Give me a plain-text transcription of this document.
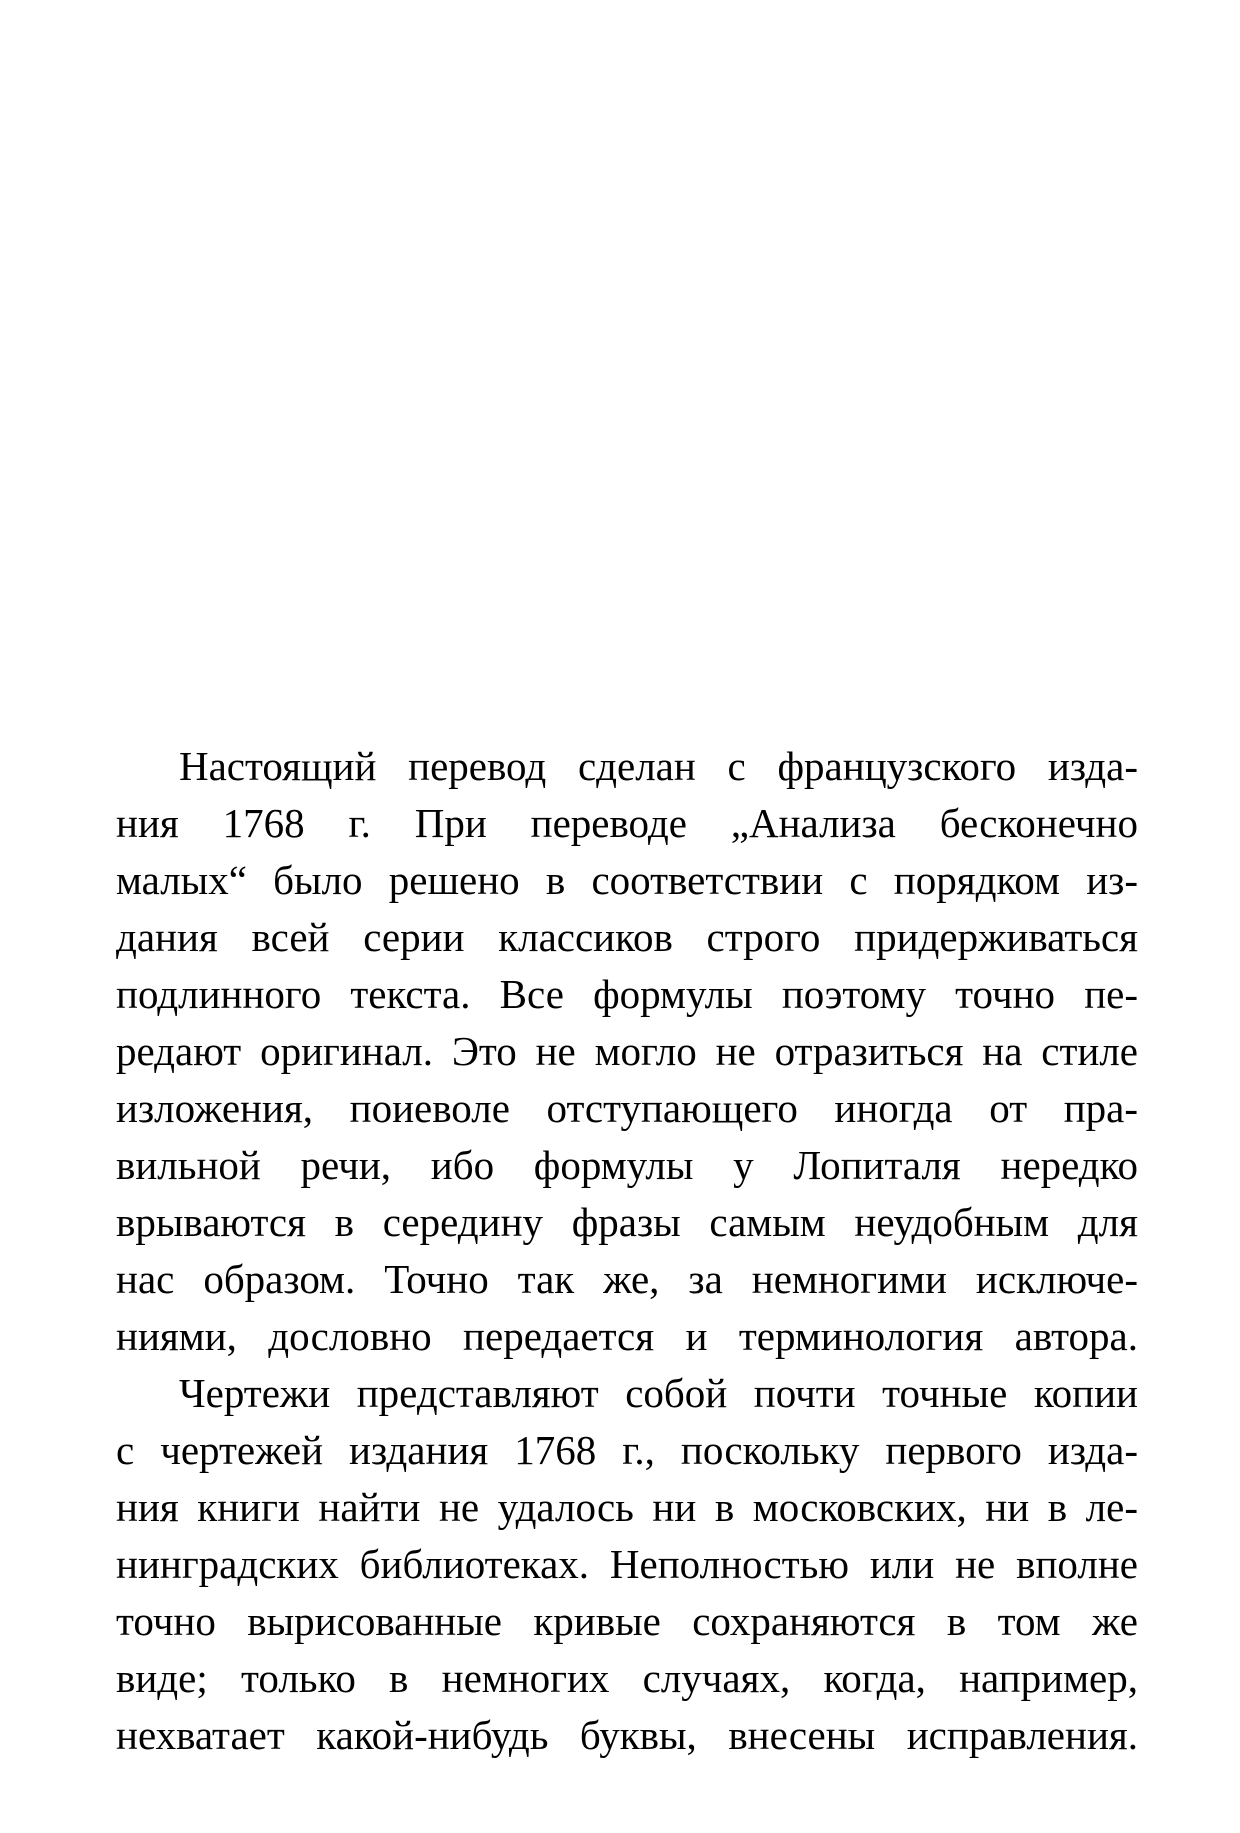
Настоящий перевод сделан с французского изда-
ния 1768 г. При переводе „Анализа бесконечно
малых“ было решено в соответствии с порядком из-
дания всей серии классиков строго придерживаться
подлинного текста. Все формулы поэтому точно пе-
редают оригинал. Это не могло не отразиться на стиле
изложения, поиеволе отступающего иногда от пра-
вильной речи, ибо формулы у Лопиталя нередко
врываются в середину фразы самым неудобным для
нас образом. Точно так же, за немногими исключе-
ниями, дословно передается и терминология автора.
Чертежи представляют собой почти точные копии
с чертежей издания 1768 г., поскольку первого изда-
ния книги найти не удалось ни в московских, ни в ле-
нинградских библиотеках. Неполностью или не вполне
точно вырисованные кривые сохраняются в том же
виде; только в немногих случаях, когда, например,
нехватает какой-нибудь буквы, внесены исправления.
